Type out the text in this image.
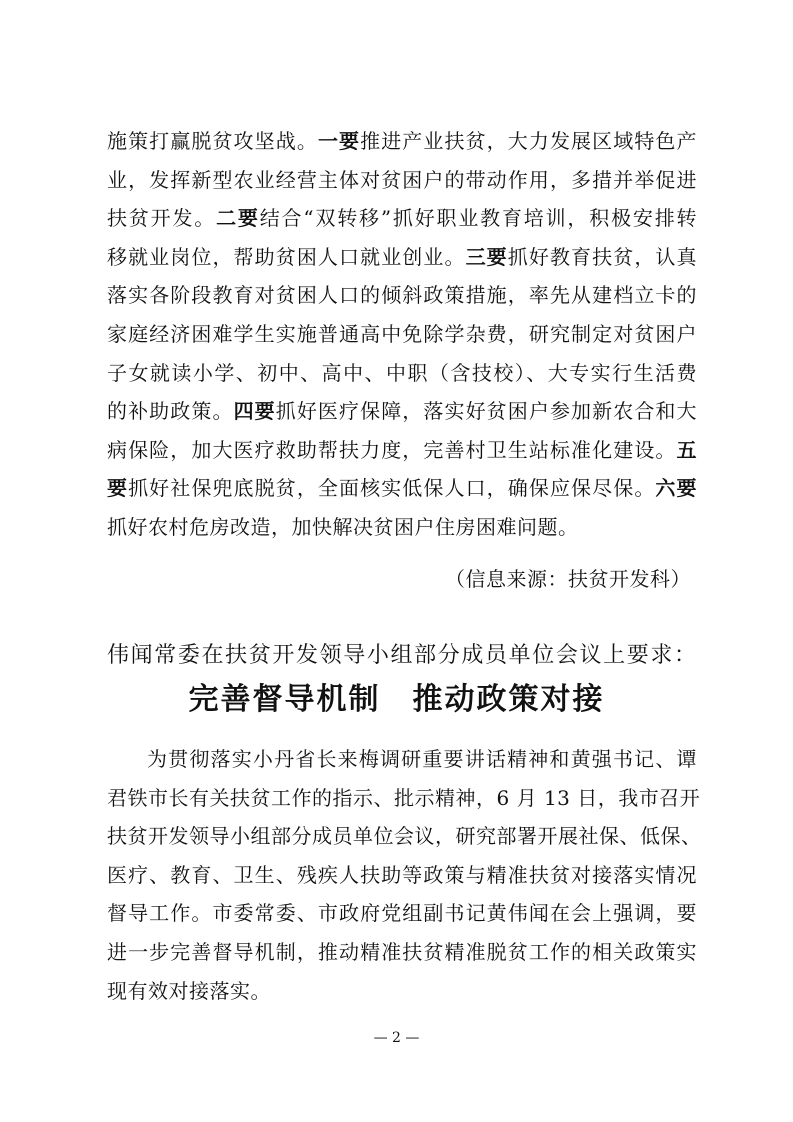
施策打赢脱贫攻坚战。一要推进产业扶贫，大力发展区域特色产
业，发挥新型农业经营主体对贫困户的带动作用，多措并举促进
扶贫开发。二要结合“双转移”抓好职业教育培训，积极安排转
移就业岗位，帮助贫困人口就业创业。三要抓好教育扶贫，认真
落实各阶段教育对贫困人口的倾斜政策措施，率先从建档立卡的
家庭经济困难学生实施普通高中免除学杂费，研究制定对贫困户
子女就读小学、初中、高中、中职（含技校）、大专实行生活费
的补助政策。四要抓好医疗保障，落实好贫困户参加新农合和大
病保险，加大医疗救助帮扶力度，完善村卫生站标准化建设。五
要抓好社保兜底脱贫，全面核实低保人口，确保应保尽保。六要
抓好农村危房改造，加快解决贫困户住房困难问题。
（信息来源：扶贫开发科）
伟闻常委在扶贫开发领导小组部分成员单位会议上要求：
完善督导机制　推动政策对接
为贯彻落实小丹省长来梅调研重要讲话精神和黄强书记、谭
君铁市长有关扶贫工作的指示、批示精神，6 月 13 日，我市召开
扶贫开发领导小组部分成员单位会议，研究部署开展社保、低保、
医疗、教育、卫生、残疾人扶助等政策与精准扶贫对接落实情况
督导工作。市委常委、市政府党组副书记黄伟闻在会上强调，要
进一步完善督导机制，推动精准扶贫精准脱贫工作的相关政策实
现有效对接落实。
— 2 —
